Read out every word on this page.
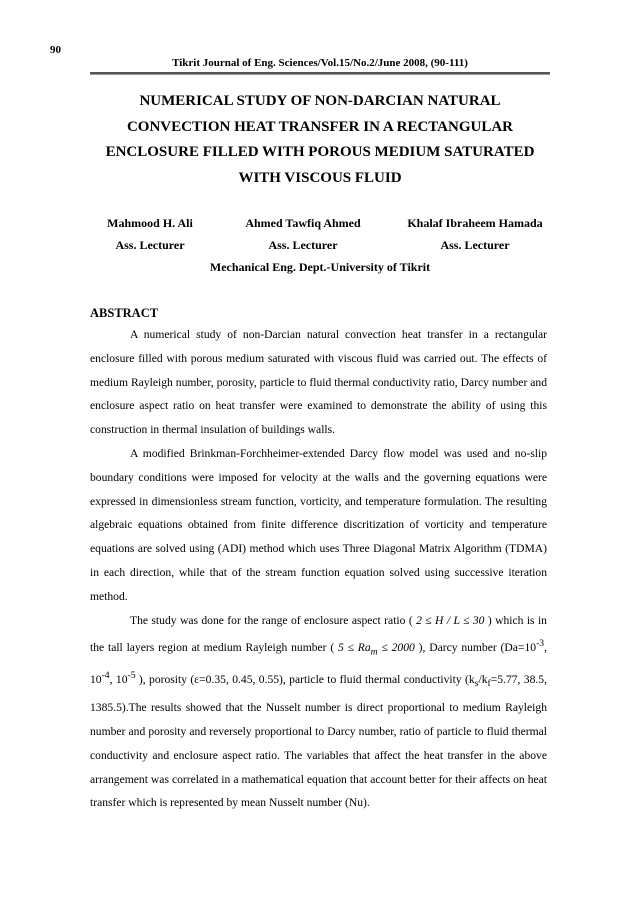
90
Tikrit Journal of Eng. Sciences/Vol.15/No.2/June 2008, (90-111)
NUMERICAL STUDY OF NON-DARCIAN NATURAL
CONVECTION HEAT TRANSFER IN A RECTANGULAR
ENCLOSURE FILLED WITH POROUS MEDIUM SATURATED
WITH VISCOUS FLUID
Mahmood H. Ali
Ass. Lecturer
Ahmed Tawfiq Ahmed
Ass. Lecturer
Khalaf Ibraheem Hamada
Ass. Lecturer
Mechanical Eng. Dept.-University of Tikrit
ABSTRACT

A numerical study of non-Darcian natural convection heat transfer in a rectangular enclosure filled with porous medium saturated with viscous fluid was carried out. The effects of medium Rayleigh number, porosity, particle to fluid thermal conductivity ratio, Darcy number and enclosure aspect ratio on heat transfer were examined to demonstrate the ability of using this construction in thermal insulation of buildings walls.

A modified Brinkman-Forchheimer-extended Darcy flow model was used and no-slip boundary conditions were imposed for velocity at the walls and the governing equations were expressed in dimensionless stream function, vorticity, and temperature formulation. The resulting algebraic equations obtained from finite difference discritization of vorticity and temperature equations are solved using (ADI) method which uses Three Diagonal Matrix Algorithm (TDMA) in each direction, while that of the stream function equation solved using successive iteration method.

The study was done for the range of enclosure aspect ratio ( 2 ≤ H / L ≤ 30 ) which is in the tall layers region at medium Rayleigh number ( $5 \le Ra_m \le 2000$ ), Darcy number ($Da=10^{-3}$, $10^{-4}$, $10^{-5}$ ), porosity (ε=0.35, 0.45, 0.55), particle to fluid thermal conductivity ($k_s/k_f=5.77$, 38.5, 1385.5).The results showed that the Nusselt number is direct proportional to medium Rayleigh number and porosity and reversely proportional to Darcy number, ratio of particle to fluid thermal conductivity and enclosure aspect ratio. The variables that affect the heat transfer in the above arrangement was correlated in a mathematical equation that account better for their affects on heat transfer which is represented by mean Nusselt number (Nu).
